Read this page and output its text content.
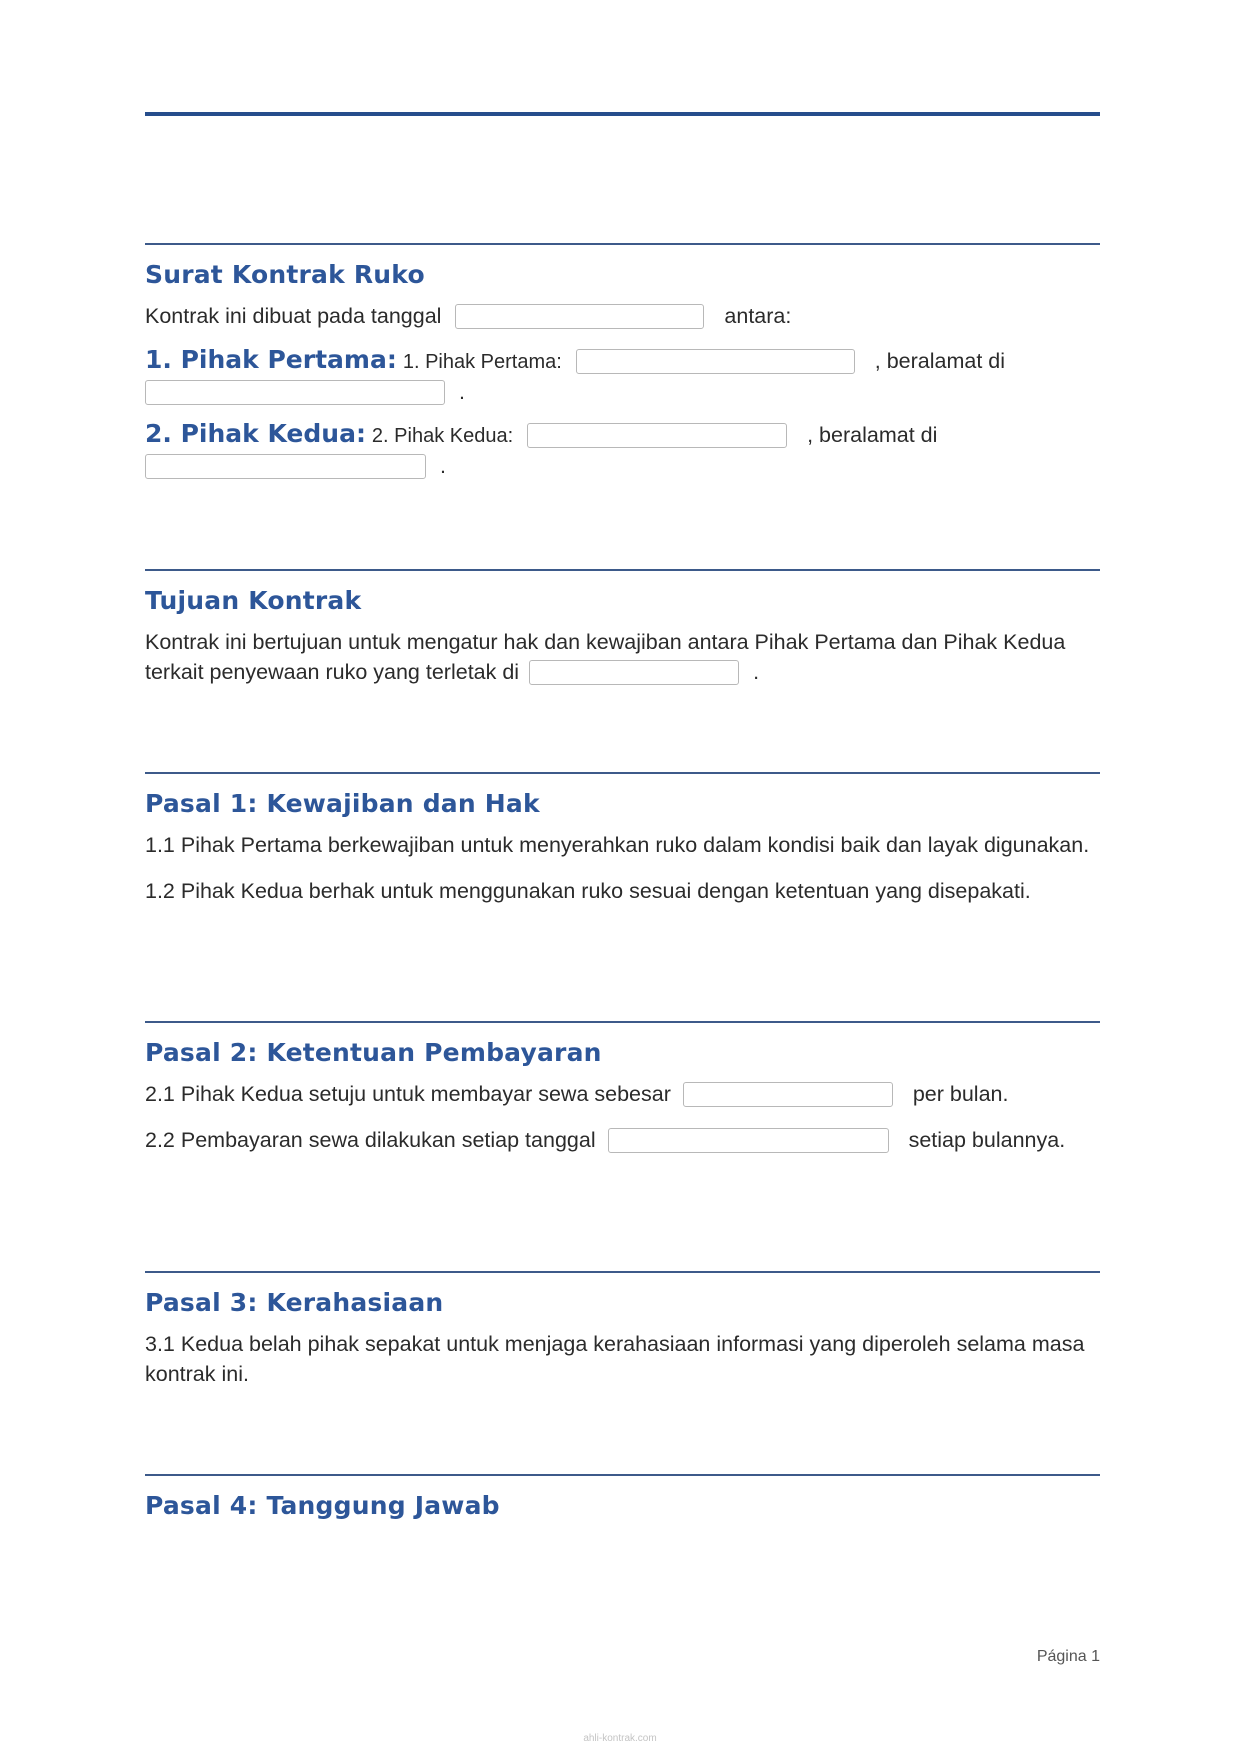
Surat Kontrak Ruko

Kontrak ini dibuat pada tanggal	antara:

1. Pihak Pertama: 1. Pihak Pertama:	, beralamat di
.

2. Pihak Kedua: 2. Pihak Kedua:	, beralamat di
.

Tujuan Kontrak

Kontrak ini bertujuan untuk mengatur hak dan kewajiban antara Pihak Pertama dan Pihak Kedua terkait penyewaan ruko yang terletak di	.

Pasal 1: Kewajiban dan Hak

1.1 Pihak Pertama berkewajiban untuk menyerahkan ruko dalam kondisi baik dan layak digunakan.

1.2 Pihak Kedua berhak untuk menggunakan ruko sesuai dengan ketentuan yang disepakati.

Pasal 2: Ketentuan Pembayaran

2.1 Pihak Kedua setuju untuk membayar sewa sebesar	per bulan.

2.2 Pembayaran sewa dilakukan setiap tanggal	setiap bulannya.

Pasal 3: Kerahasiaan

3.1 Kedua belah pihak sepakat untuk menjaga kerahasiaan informasi yang diperoleh selama masa kontrak ini.

Pasal 4: Tanggung Jawab
Página 1
ahli-kontrak.com
